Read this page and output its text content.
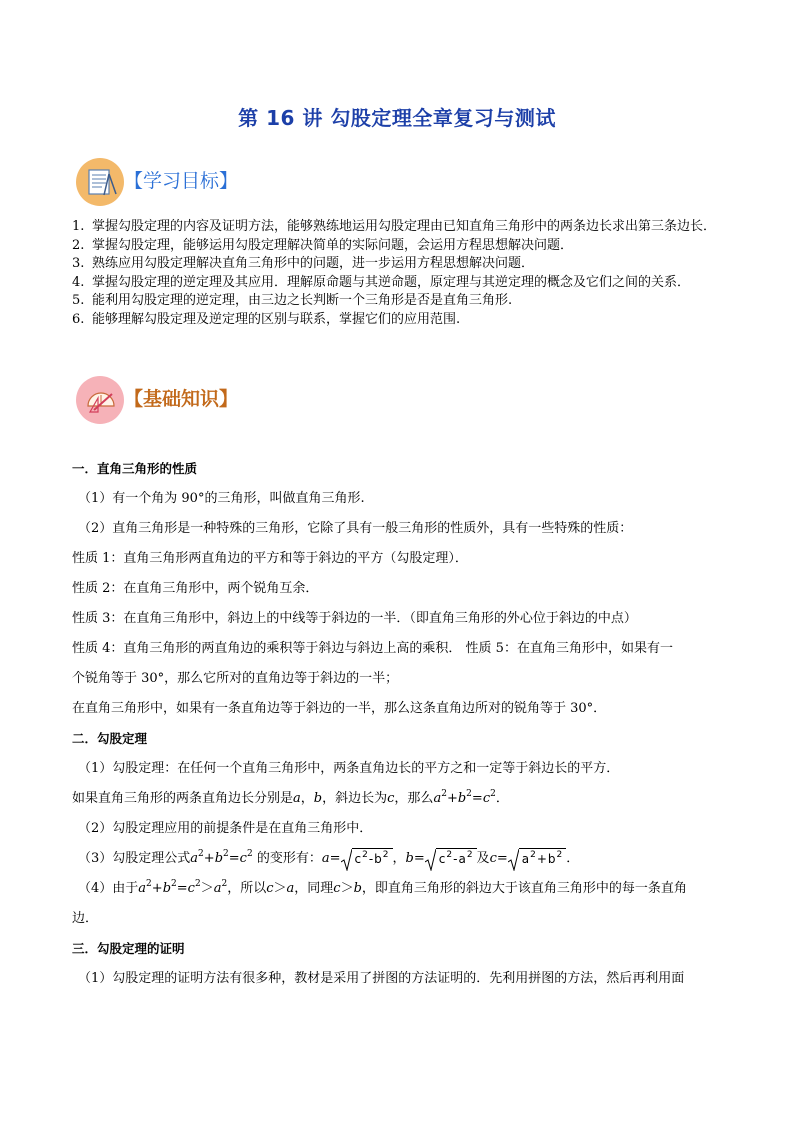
第 16 讲 勾股定理全章复习与测试
【学习目标】
1. 掌握勾股定理的内容及证明方法，能够熟练地运用勾股定理由已知直角三角形中的两条边长求出第三条边长．
2. 掌握勾股定理，能够运用勾股定理解决简单的实际问题，会运用方程思想解决问题．
3. 熟练应用勾股定理解决直角三角形中的问题，进一步运用方程思想解决问题．
4. 掌握勾股定理的逆定理及其应用．理解原命题与其逆命题，原定理与其逆定理的概念及它们之间的关系．
5. 能利用勾股定理的逆定理，由三边之长判断一个三角形是否是直角三角形.
6. 能够理解勾股定理及逆定理的区别与联系，掌握它们的应用范围.
【基础知识】
一．直角三角形的性质
（1）有一个角为 90°的三角形，叫做直角三角形.
（2）直角三角形是一种特殊的三角形，它除了具有一般三角形的性质外，具有一些特殊的性质：
性质 1：直角三角形两直角边的平方和等于斜边的平方（勾股定理）．
性质 2：在直角三角形中，两个锐角互余．
性质 3：在直角三角形中，斜边上的中线等于斜边的一半．（即直角三角形的外心位于斜边的中点）
性质 4：直角三角形的两直角边的乘积等于斜边与斜边上高的乘积． 性质 5：在直角三角形中，如果有一
个锐角等于 30°，那么它所对的直角边等于斜边的一半；
在直角三角形中，如果有一条直角边等于斜边的一半，那么这条直角边所对的锐角等于 30°．
二．勾股定理
（1）勾股定理：在任何一个直角三角形中，两条直角边长的平方之和一定等于斜边长的平方．
如果直角三角形的两条直角边长分别是a，b，斜边长为c，那么$a^2+b^2=c^2$．
（2）勾股定理应用的前提条件是在直角三角形中．
（3）勾股定理公式$a^2+b^2=c^2$ 的变形有：$a= c^2-b^2$ ，$b= c^2-a^2$ 及$c= a^2+b^2$ ．
（4）由于$a^2+b^2=c^2>a^2$，所以c＞a，同理c＞b，即直角三角形的斜边大于该直角三角形中的每一条直角
边．
三．勾股定理的证明
（1）勾股定理的证明方法有很多种，教材是采用了拼图的方法证明的．先利用拼图的方法，然后再利用面
